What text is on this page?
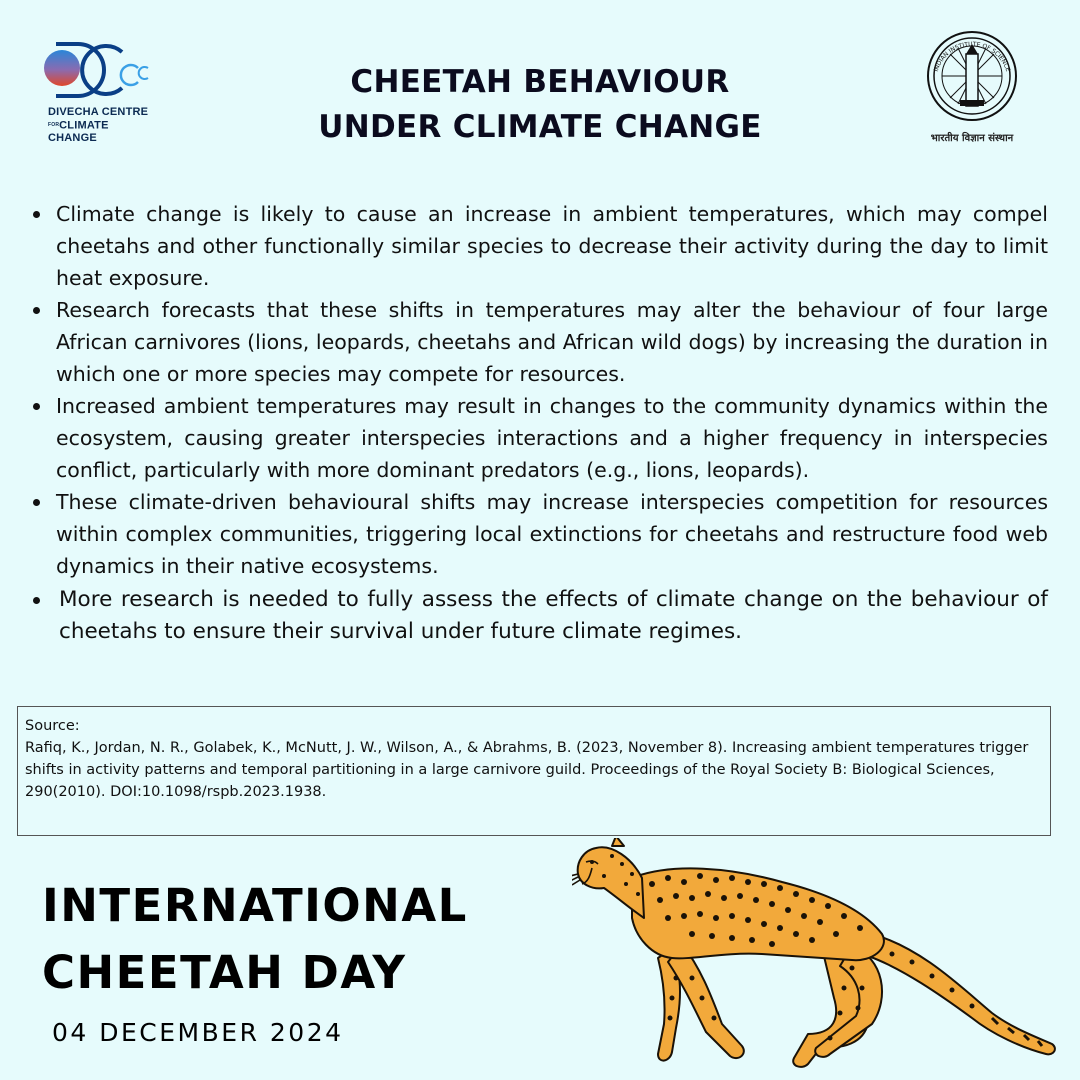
DIVECHA CENTRE
FORCLIMATE CHANGE
CHEETAH BEHAVIOUR
UNDER CLIMATE CHANGE
INDIAN INSTITUTE OF SCIENCE
भारतीय विज्ञान संस्थान
Climate change is likely to cause an increase in ambient temperatures, which may compel cheetahs and other functionally similar species to decrease their activity during the day to limit heat exposure.
Research forecasts that these shifts in temperatures may alter the behaviour of four large African carnivores (lions, leopards, cheetahs and African wild dogs) by increasing the duration in which one or more species may compete for resources.
Increased ambient temperatures may result in changes to the community dynamics within the ecosystem, causing greater interspecies interactions and a higher frequency in interspecies conflict, particularly with more dominant predators (e.g., lions, leopards).
These climate-driven behavioural shifts may increase interspecies competition for resources within complex communities, triggering local extinctions for cheetahs and restructure food web dynamics in their native ecosystems.
More research is needed to fully assess the effects of climate change on the behaviour of cheetahs to ensure their survival under future climate regimes.
Source:
Rafiq, K., Jordan, N. R., Golabek, K., McNutt, J. W., Wilson, A., & Abrahms, B. (2023, November 8). Increasing ambient temperatures trigger shifts in activity patterns and temporal partitioning in a large carnivore guild. Proceedings of the Royal Society B: Biological Sciences, 290(2010). DOI:10.1098/rspb.2023.1938.
INTERNATIONAL
CHEETAH DAY
04 DECEMBER 2024
